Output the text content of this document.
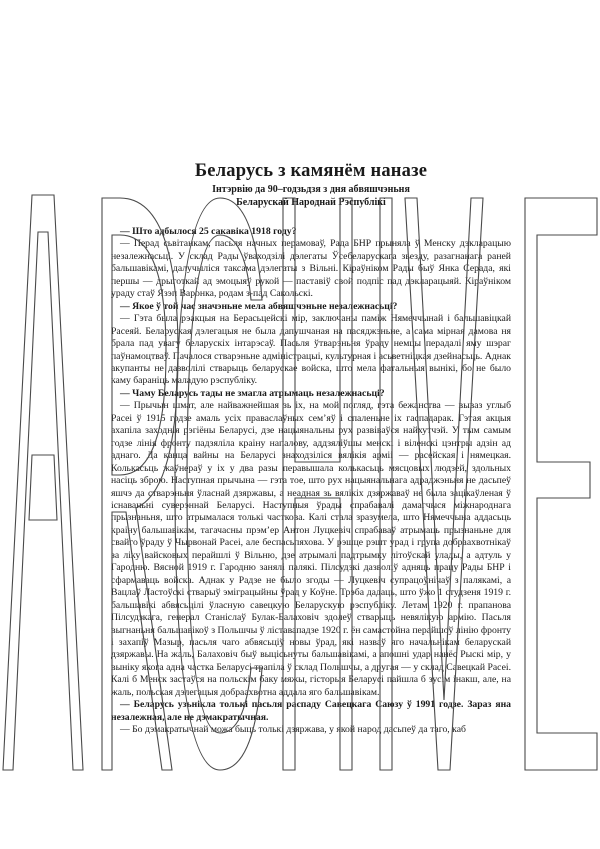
Беларусь з камянём наназе
Інтэрвію да 90–годзьдзя з дня абвяшчэньня
Беларускай Народнай Рэспублікі

— Што адбылося 25 сакавіка 1918 году?

— Перад сьвітанкам, пасьля начных перамоваў, Рада БНР прыняла ў Менску дэкларацыю незалежнасьці. У склад Рады ўваходзілі дэлегаты Ўсебеларускага зьезду, разагнанага раней бальшавікамі, далучыліся таксама дэлегаты з Вільні. Кіраўніком Рады быў Янка Серада, які першы — дрыготкай ад эмоцыяў рукой — паставіў свой подпіс пад дэкларацыяй. Кіраўніком ураду стаў Язэп Варонка, родам з-пад Сакольскі.

— Якое ў той час значэньне мела абвяшчэньне незалежнасьці?

— Гэта была рэакцыя на Берасьцейскі мір, заключаны паміж Нямеччынай і бальшавіцкай Расеяй. Беларуская дэлегацыя не была дапушчаная на пасяджэньне, а сама мірная дамова ня брала пад увагу беларускіх інтарэсаў. Пасьля ўтварэньня ўраду немцы перадалі яму шэраг паўнамоцтваў. Пачалося стварэньне адміністрацыі, культурная і асьветніцкая дзейнасьць. Аднак акупанты не дазволілі стварыць беларускае войска, што мела фатальныя вынікі, бо не было каму бараніць маладую рэспубліку.

— Чаму Беларусь тады не змагла атрымаць незалежнасьці?

— Прычын шмат, але найважнейшая зь іх, на мой погляд, гэта бежанства — вываз углыб Расеі ў 1915 годзе амаль усіх праваслаўных сем’яў і спаленьне іх гаспадарак. Гэтая акцыя ахапіла заходнія рэгіёны Беларусі, дзе нацыянальны рух развіваўся найхутчэй. У тым самым годзе лінія фронту падзяліла краіну напалову, аддзяліўшы менскі і віленскі цэнтры адзін ад аднаго. Да канца вайны на Беларусі знаходзіліся вялікія арміі — расейская і нямецкая. Колькасьць жаўнераў у іх у два разы перавышала колькасьць мясцовых людзей, здольных насіць зброю. Наступная прычына — гэта тое, што рух нацыянальнага адраджэньня не дасьпеў яшчэ да стварэньня ўласнай дзяржавы, а неадная зь вялікіх дзяржаваў не была зацікаўленая ў існаваньні суверэннай Беларусі. Наступныя ўрады спрабавалі дамагчыся міжнароднага прызнаньня, што атрымалася толькі часткова. Калі стала зразумела, што Нямеччына аддасьць краіну бальшавікам, тагачасны прэм’ер Антон Луцкевіч спрабаваў атрымаць прызнаньне для свайго ўраду ў Чырвонай Расеі, але беспасьпяхова. У рэшце рэшт урад і група добраахвотнікаў за ліку вайсковых перайшлі ў Вільню, дзе атрымалі падтрымку літоўскай улады, а адтуль у Гародню. Вясной 1919 г. Гародню занялі палякі. Пілсудзкі дазволіў адняць працу Рады БНР і сфармаваць войска. Аднак у Радзе не было згоды — Луцкевіч супрацоўнічаў з палякамі, а Вацлаў Ластоўскі стварыў эміграцыйны ўрад у Коўне. Трэба дадаць, што ўжо 1 студзеня 1919 г. бальшавікі абвясьцілі ўласную савецкую Беларускую рэспубліку. Летам 1920 г. прапанова Пілсудзкага, генерал Станіслаў Булак-Балаховіч здолеў стварыць невялікую армію. Пасьля выгнаньня бальшавікоў з Польшчы ў ліставападзе 1920 г. ён самастойна перайшоў лінію фронту і захапіў Мазыр, пасьля чаго абвясьціў новы ўрад, які назваў яго начальнікам беларускай дзяржавы. На жаль, Балаховіч быў выцісьнуты бальшавікамі, а апошні удар нанёс Рыскі мір, у выніку якога адна частка Беларусі трапіла ў склад Польшчы, а другая — у склад Савецкай Расеі. Калі б Менск застаўся на польскім баку мяжы, гісторыя Беларусі пайшла б зусім інакш, але, на жаль, польская дэлегацыя добраахвотна аддала яго бальшавікам.

— Беларусь узьнікла толькі пасьля распаду Савецкага Саюзу ў 1991 годзе. Зараз яна незалежная, але не дэмакратычная.

— Бо дэмакратычнай можа быць толькі дзяржава, у якой народ дасьпеў да таго, каб
